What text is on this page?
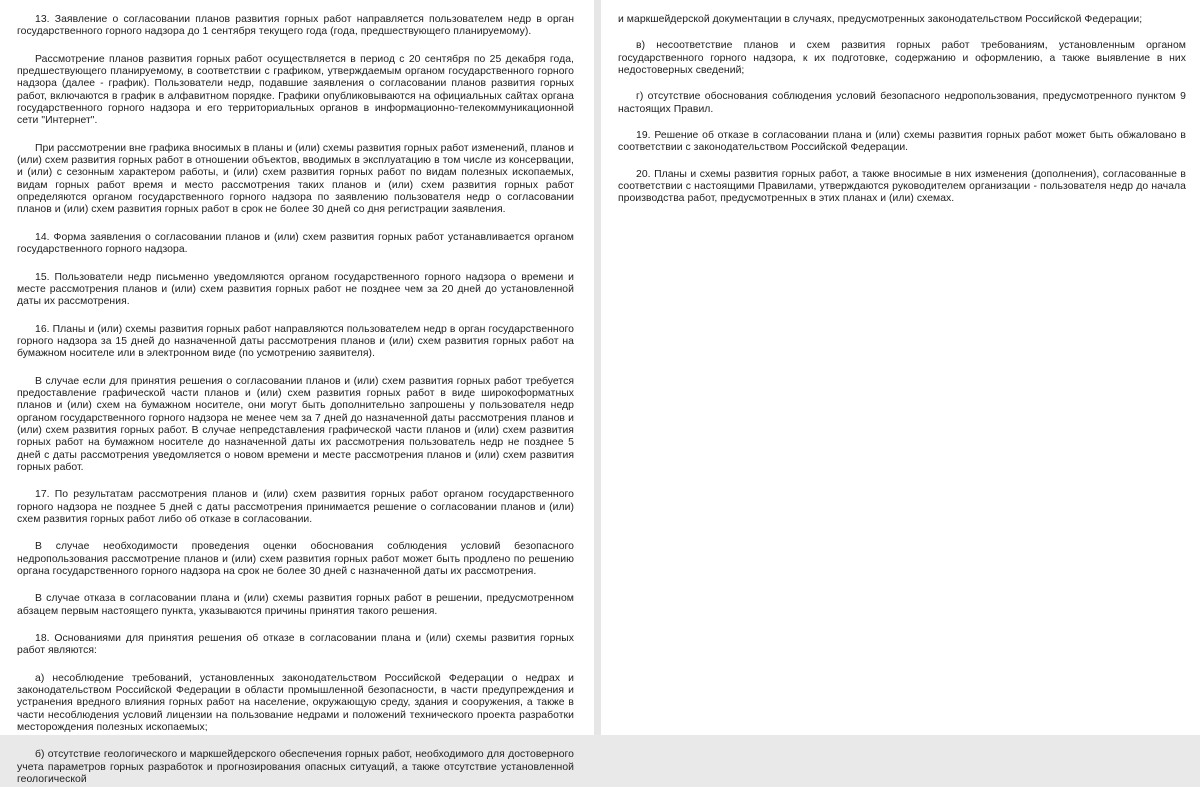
13. Заявление о согласовании планов развития горных работ направляется пользователем недр в орган государственного горного надзора до 1 сентября текущего года (года, предшествующего планируемому).

Рассмотрение планов развития горных работ осуществляется в период с 20 сентября по 25 декабря года, предшествующего планируемому, в соответствии с графиком, утверждаемым органом государственного горного надзора (далее - график). Пользователи недр, подавшие заявления о согласовании планов развития горных работ, включаются в график в алфавитном порядке. Графики опубликовываются на официальных сайтах органа государственного горного надзора и его территориальных органов в информационно-телекоммуникационной сети "Интернет".

При рассмотрении вне графика вносимых в планы и (или) схемы развития горных работ изменений, планов и (или) схем развития горных работ в отношении объектов, вводимых в эксплуатацию в том числе из консервации, и (или) с сезонным характером работы, и (или) схем развития горных работ по видам полезных ископаемых, видам горных работ время и место рассмотрения таких планов и (или) схем развития горных работ определяются органом государственного горного надзора по заявлению пользователя недр о согласовании планов и (или) схем развития горных работ в срок не более 30 дней со дня регистрации заявления.

14. Форма заявления о согласовании планов и (или) схем развития горных работ устанавливается органом государственного горного надзора.

15. Пользователи недр письменно уведомляются органом государственного горного надзора о времени и месте рассмотрения планов и (или) схем развития горных работ не позднее чем за 20 дней до установленной даты их рассмотрения.

16. Планы и (или) схемы развития горных работ направляются пользователем недр в орган государственного горного надзора за 15 дней до назначенной даты рассмотрения планов и (или) схем развития горных работ на бумажном носителе или в электронном виде (по усмотрению заявителя).

В случае если для принятия решения о согласовании планов и (или) схем развития горных работ требуется предоставление графической части планов и (или) схем развития горных работ в виде широкоформатных планов и (или) схем на бумажном носителе, они могут быть дополнительно запрошены у пользователя недр органом государственного горного надзора не менее чем за 7 дней до назначенной даты рассмотрения планов и (или) схем развития горных работ. В случае непредставления графической части планов и (или) схем развития горных работ на бумажном носителе до назначенной даты их рассмотрения пользователь недр не позднее 5 дней с даты рассмотрения уведомляется о новом времени и месте рассмотрения планов и (или) схем развития горных работ.

17. По результатам рассмотрения планов и (или) схем развития горных работ органом государственного горного надзора не позднее 5 дней с даты рассмотрения принимается решение о согласовании планов и (или) схем развития горных работ либо об отказе в согласовании.

В случае необходимости проведения оценки обоснования соблюдения условий безопасного недропользования рассмотрение планов и (или) схем развития горных работ может быть продлено по решению органа государственного горного надзора на срок не более 30 дней с назначенной даты их рассмотрения.

В случае отказа в согласовании плана и (или) схемы развития горных работ в решении, предусмотренном абзацем первым настоящего пункта, указываются причины принятия такого решения.

18. Основаниями для принятия решения об отказе в согласовании плана и (или) схемы развития горных работ являются:

а) несоблюдение требований, установленных законодательством Российской Федерации о недрах и законодательством Российской Федерации в области промышленной безопасности, в части предупреждения и устранения вредного влияния горных работ на население, окружающую среду, здания и сооружения, а также в части несоблюдения условий лицензии на пользование недрами и положений технического проекта разработки месторождения полезных ископаемых;

б) отсутствие геологического и маркшейдерского обеспечения горных работ, необходимого для достоверного учета параметров горных разработок и прогнозирования опасных ситуаций, а также отсутствие установленной геологической

и маркшейдерской документации в случаях, предусмотренных законодательством Российской Федерации;

в) несоответствие планов и схем развития горных работ требованиям, установленным органом государственного горного надзора, к их подготовке, содержанию и оформлению, а также выявление в них недостоверных сведений;

г) отсутствие обоснования соблюдения условий безопасного недропользования, предусмотренного пунктом 9 настоящих Правил.

19. Решение об отказе в согласовании плана и (или) схемы развития горных работ может быть обжаловано в соответствии с законодательством Российской Федерации.

20. Планы и схемы развития горных работ, а также вносимые в них изменения (дополнения), согласованные в соответствии с настоящими Правилами, утверждаются руководителем организации - пользователя недр до начала производства работ, предусмотренных в этих планах и (или) схемах.
